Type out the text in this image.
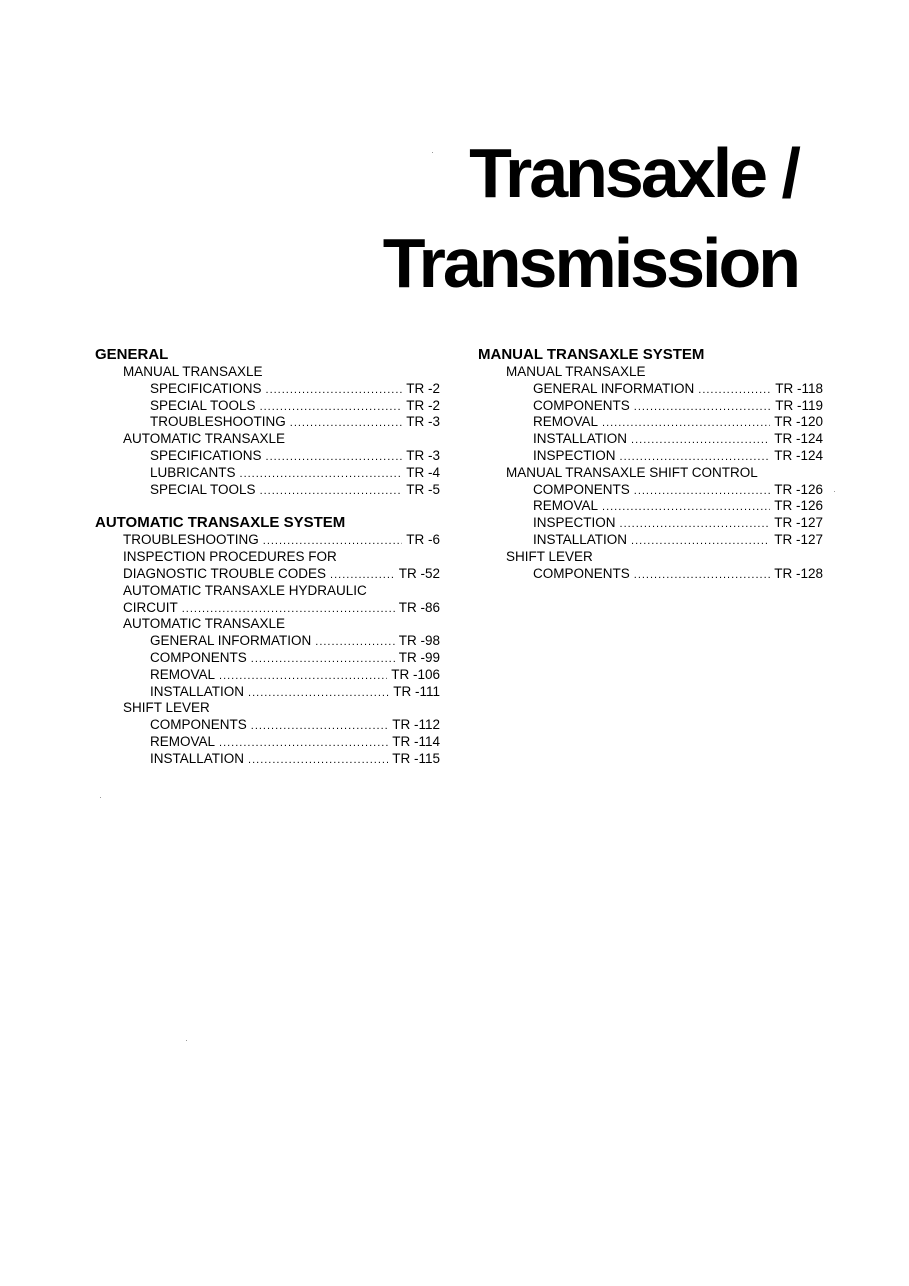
Transaxle /
Transmission
GENERAL
MANUAL TRANSAXLE
SPECIFICATIONS .....	TR -2
SPECIAL TOOLS .....	TR -2
TROUBLESHOOTING .....	TR -3
AUTOMATIC TRANSAXLE
SPECIFICATIONS .....	TR -3
LUBRICANTS .....	TR -4
SPECIAL TOOLS .....	TR -5
AUTOMATIC TRANSAXLE SYSTEM
TROUBLESHOOTING .....	TR -6
INSPECTION PROCEDURES FOR
DIAGNOSTIC TROUBLE CODES .....	TR -52
AUTOMATIC TRANSAXLE HYDRAULIC
CIRCUIT .....	TR -86
AUTOMATIC TRANSAXLE
GENERAL INFORMATION .....	TR -98
COMPONENTS .....	TR -99
REMOVAL .....	TR -106
INSTALLATION .....	TR -111
SHIFT LEVER
COMPONENTS .....	TR -112
REMOVAL .....	TR -114
INSTALLATION .....	TR -115
MANUAL TRANSAXLE SYSTEM
MANUAL TRANSAXLE
GENERAL INFORMATION .....	TR -118
COMPONENTS .....	TR -119
REMOVAL .....	TR -120
INSTALLATION .....	TR -124
INSPECTION .....	TR -124
MANUAL TRANSAXLE SHIFT CONTROL
COMPONENTS .....	TR -126
REMOVAL .....	TR -126
INSPECTION .....	TR -127
INSTALLATION .....	TR -127
SHIFT LEVER
COMPONENTS .....	TR -128
